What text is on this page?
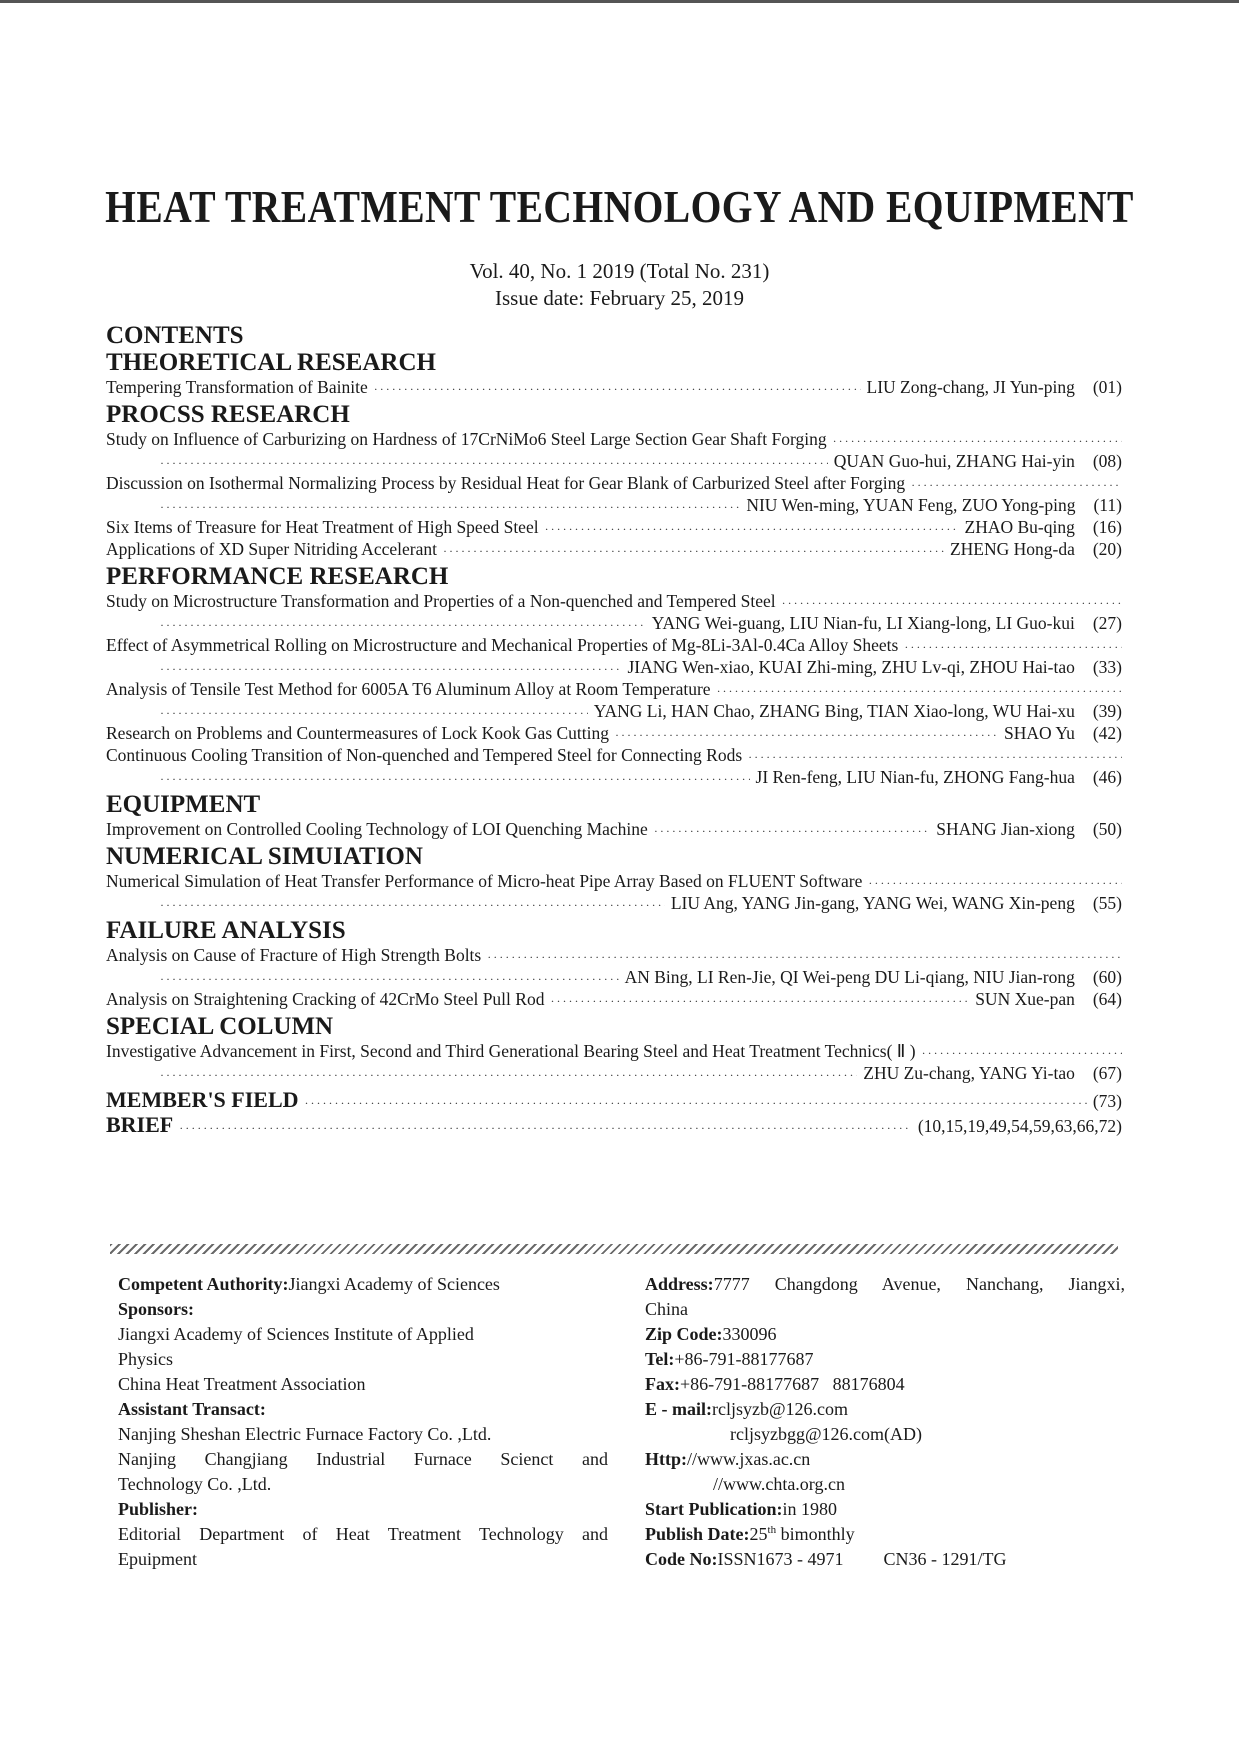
HEAT TREATMENT TECHNOLOGY AND EQUIPMENT
Vol. 40, No. 1 2019 (Total No. 231)
Issue date: February 25, 2019
CONTENTS
THEORETICAL RESEARCH
Tempering Transformation of Bainite ·····	LIU Zong-chang, JI Yun-ping (01)
PROCSS RESEARCH
Study on Influence of Carburizing on Hardness of 17CrNiMo6 Steel Large Section Gear Shaft Forging
·····
·····
QUAN Guo-hui, ZHANG Hai-yin (08)
Discussion on Isothermal Normalizing Process by Residual Heat for Gear Blank of Carburized Steel after Forging
·····
·····
NIU Wen-ming, YUAN Feng, ZUO Yong-ping (11)
Six Items of Treasure for Heat Treatment of High Speed Steel ·····	ZHAO Bu-qing (16)
Applications of XD Super Nitriding Accelerant ·····	ZHENG Hong-da (20)
PERFORMANCE RESEARCH
Study on Microstructure Transformation and Properties of a Non-quenched and Tempered Steel
·····
·····
YANG Wei-guang, LIU Nian-fu, LI Xiang-long, LI Guo-kui (27)
Effect of Asymmetrical Rolling on Microstructure and Mechanical Properties of Mg-8Li-3Al-0.4Ca Alloy Sheets
·····
·····
JIANG Wen-xiao, KUAI Zhi-ming, ZHU Lv-qi, ZHOU Hai-tao (33)
Analysis of Tensile Test Method for 6005A T6 Aluminum Alloy at Room Temperature
·····
·····
YANG Li, HAN Chao, ZHANG Bing, TIAN Xiao-long, WU Hai-xu (39)
Research on Problems and Countermeasures of Lock Kook Gas Cutting ·····	SHAO Yu (42)
Continuous Cooling Transition of Non-quenched and Tempered Steel for Connecting Rods
·····
·····
JI Ren-feng, LIU Nian-fu, ZHONG Fang-hua (46)
EQUIPMENT
Improvement on Controlled Cooling Technology of LOI Quenching Machine ·····	SHANG Jian-xiong (50)
NUMERICAL SIMUIATION
Numerical Simulation of Heat Transfer Performance of Micro-heat Pipe Array Based on FLUENT Software
·····
·····
LIU Ang, YANG Jin-gang, YANG Wei, WANG Xin-peng (55)
FAILURE ANALYSIS
Analysis on Cause of Fracture of High Strength Bolts
·····
·····
AN Bing, LI Ren-Jie, QI Wei-peng DU Li-qiang, NIU Jian-rong (60)
Analysis on Straightening Cracking of 42CrMo Steel Pull Rod ·····	SUN Xue-pan (64)
SPECIAL COLUMN
Investigative Advancement in First, Second and Third Generational Bearing Steel and Heat Treatment Technics( Ⅱ )
·····
·····
ZHU Zu-chang, YANG Yi-tao (67)
MEMBER'S FIELD ·····	(73)
BRIEF ·····	(10,15,19,49,54,59,63,66,72)
Competent Authority:Jiangxi Academy of Sciences
Sponsors:
Jiangxi Academy of Sciences Institute of Applied
Physics
China Heat Treatment Association
Assistant Transact:
Nanjing Sheshan Electric Furnace Factory Co. ,Ltd.
Nanjing Changjiang Industrial Furnace Scienct and
Technology Co. ,Ltd.
Publisher:
Editorial Department of Heat Treatment Technology and
Epuipment
Address:7777 Changdong Avenue, Nanchang, Jiangxi,
China
Zip Code:330096
Tel:+86-791-88177687
Fax:+86-791-88177687   88176804
E - mail:rcljsyzb@126.com
rcljsyzbgg@126.com(AD)
Http://www.jxas.ac.cn
//www.chta.org.cn
Start Publication:in 1980
Publish Date:25th bimonthly
Code No:ISSN1673 - 4971 CN36 - 1291/TG
